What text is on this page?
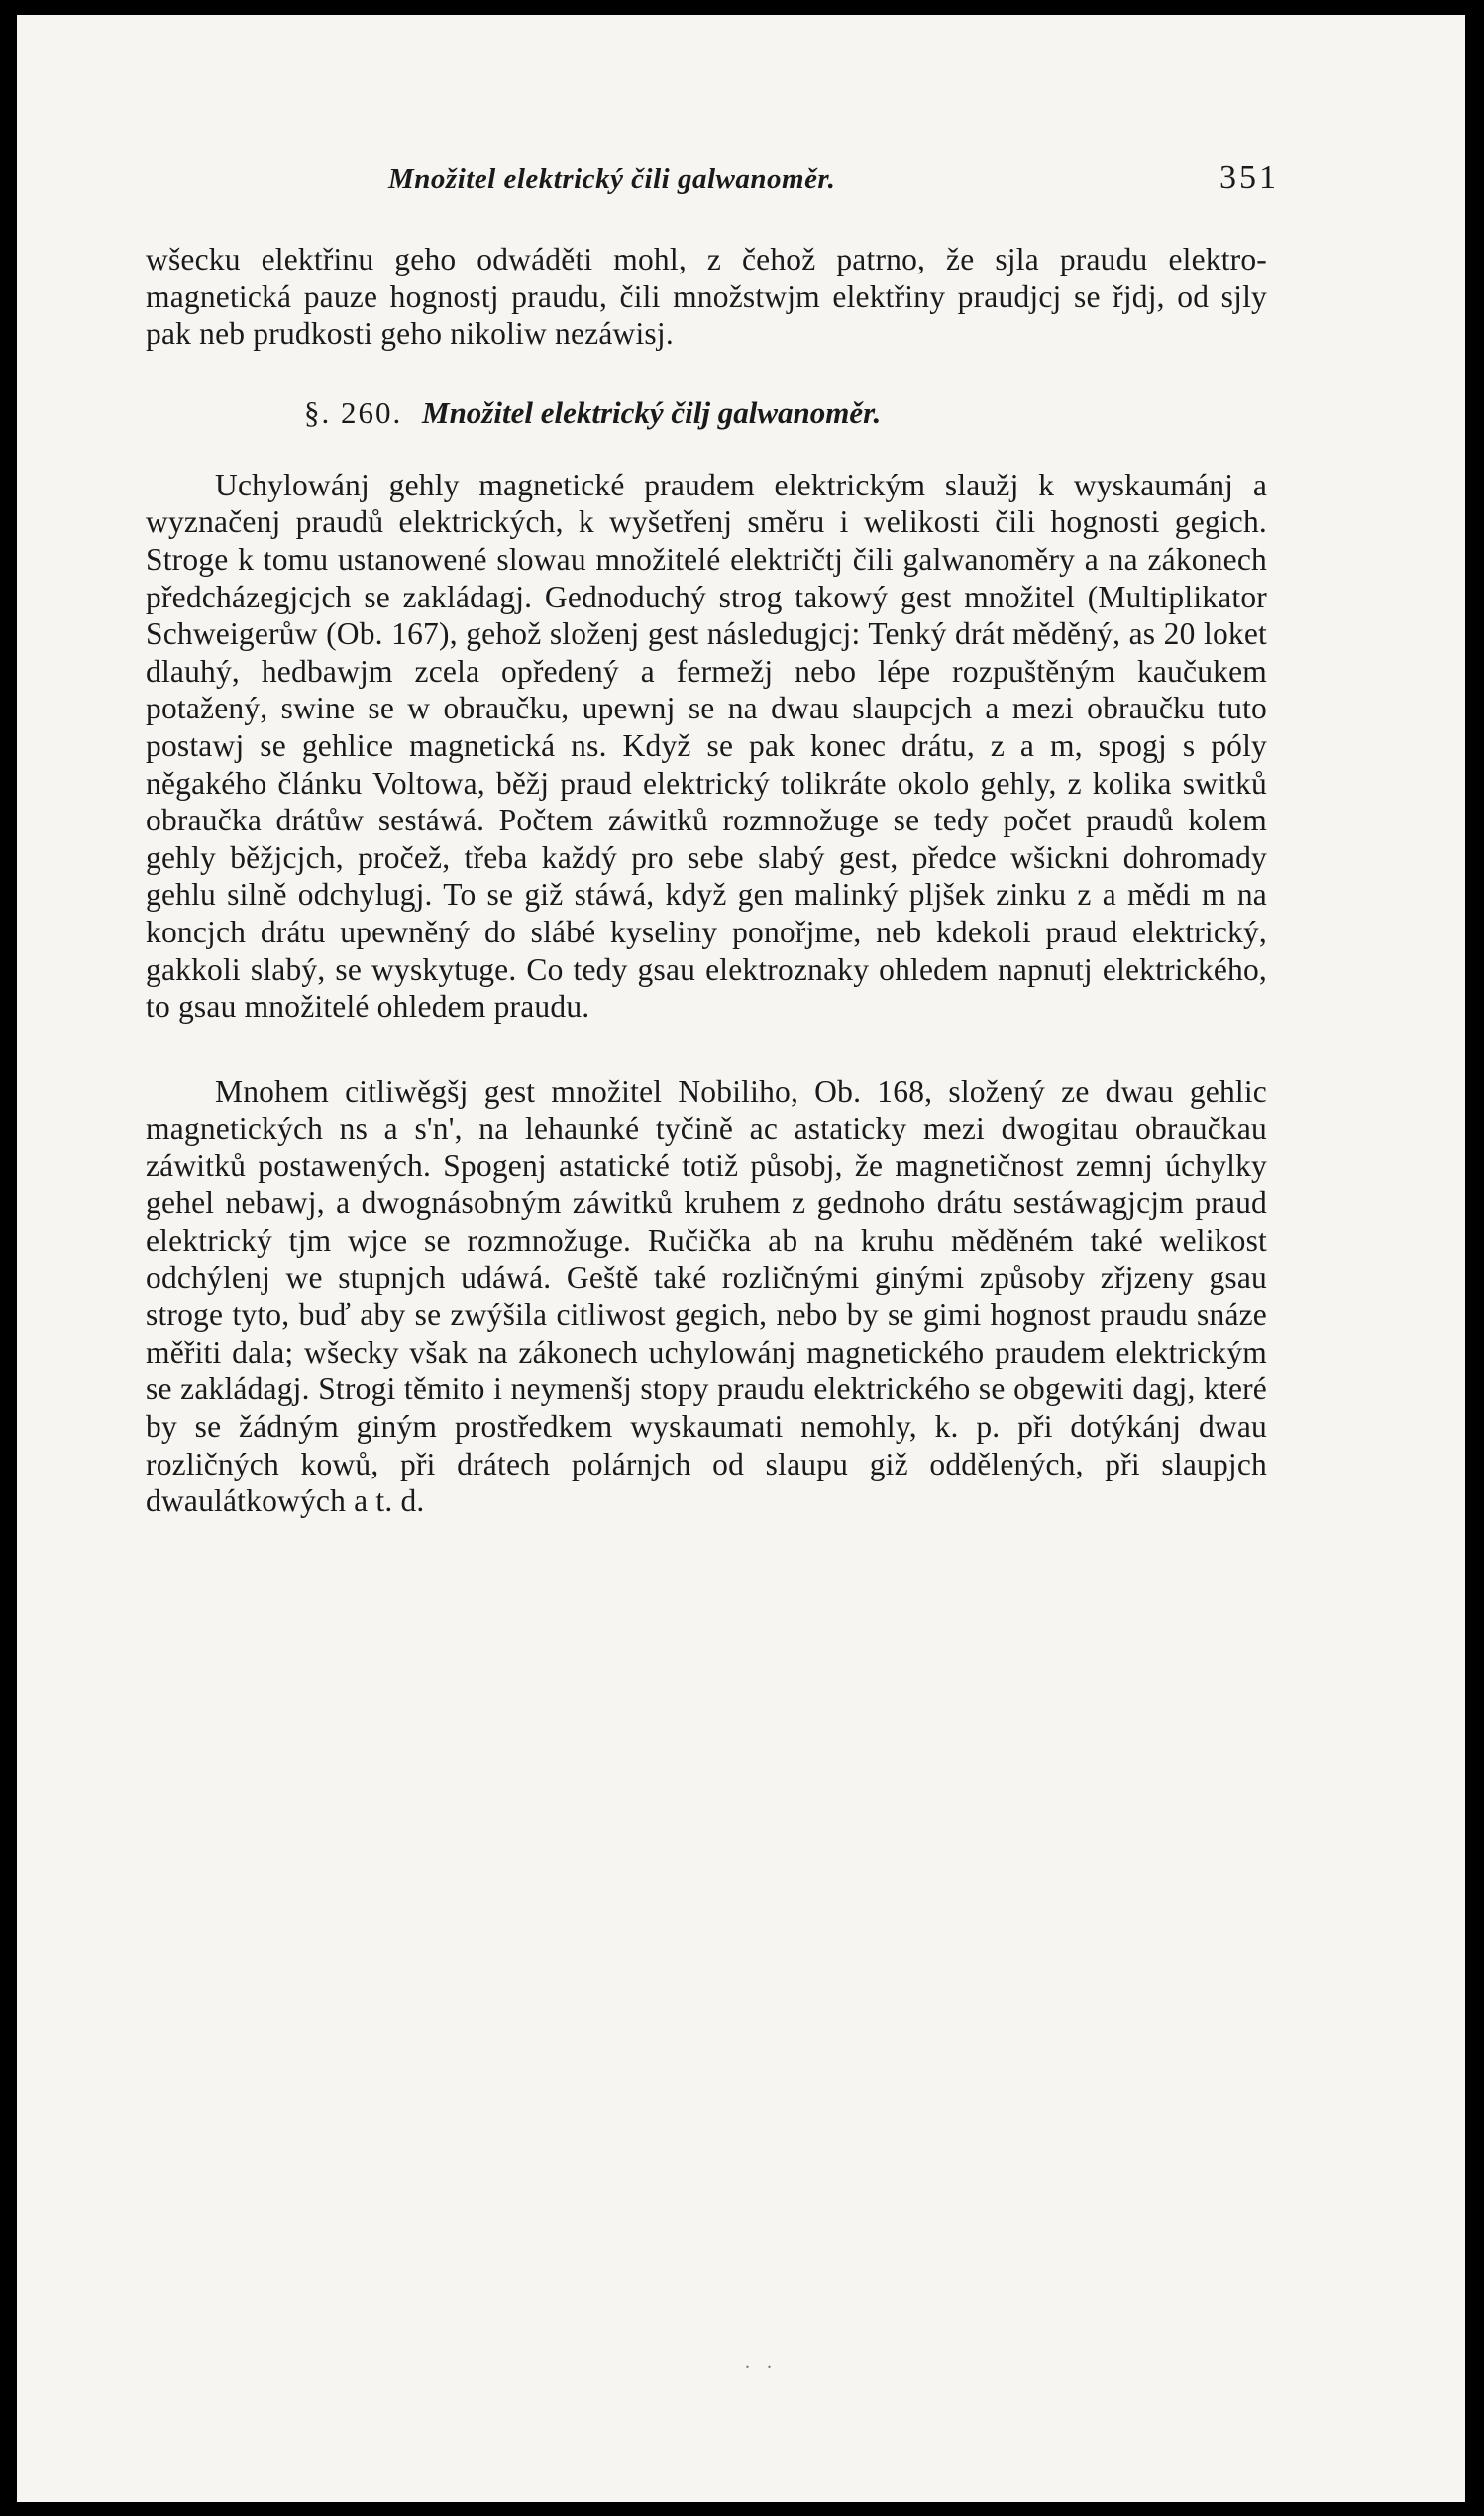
Množitel elektrický čili galwanoměr.	351

wšecku elektřinu geho odwáděti mohl, z čehož patrno, že sjla praudu elektro-magnetická pauze hognostj praudu, čili množstwjm elektřiny praudjcj se řjdj, od sjly pak neb prudkosti geho nikoliw nezáwisj.

§. 260. Množitel elektrický čilj galwanoměr.

Uchylowánj gehly magnetické praudem elektrickým slaužj k wyskaumánj a wyznačenj praudů elektrických, k wyšetřenj směru i welikosti čili hognosti gegich. Stroge k tomu ustanowené slowau množitelé električtj čili galwanoměry a na zákonech předcházegjcjch se zakládagj. Gednoduchý strog takowý gest množitel (Multiplikator Schweigerůw (Ob. 167), gehož složenj gest následugjcj: Tenký drát měděný, as 20 loket dlauhý, hedbawjm zcela opředený a fermežj nebo lépe rozpuštěným kaučukem potažený, swine se w obraučku, upewnj se na dwau slaupcjch a mezi obraučku tuto postawj se gehlice magnetická ns. Když se pak konec drátu, z a m, spogj s póly něgakého článku Voltowa, běžj praud elektrický tolikráte okolo gehly, z kolika switků obraučka drátůw sestáwá. Počtem záwitků rozmnožuge se tedy počet praudů kolem gehly běžjcjch, pročež, třeba každý pro sebe slabý gest, předce wšickni dohromady gehlu silně odchylugj. To se giž stáwá, když gen malinký pljšek zinku z a mědi m na koncjch drátu upewněný do slábé kyseliny ponořjme, neb kdekoli praud elektrický, gakkoli slabý, se wyskytuge. Co tedy gsau elektroznaky ohledem napnutj elektrického, to gsau množitelé ohledem praudu.

Mnohem citliwěgšj gest množitel Nobiliho, Ob. 168, složený ze dwau gehlic magnetických ns a s'n', na lehaunké tyčině ac astaticky mezi dwogitau obraučkau záwitků postawených. Spogenj astatické totiž působj, že magnetičnost zemnj úchylky gehel nebawj, a dwognásobným záwitků kruhem z gednoho drátu sestáwagjcjm praud elektrický tjm wjce se rozmnožuge. Ručička ab na kruhu měděném také welikost odchýlenj we stupnjch udáwá. Geště také rozličnými ginými způsoby zřjzeny gsau stroge tyto, buď aby se zwýšila citliwost gegich, nebo by se gimi hognost praudu snáze měřiti dala; wšecky však na zákonech uchylowánj magnetického praudem elektrickým se zakládagj. Strogi těmito i neymenšj stopy praudu elektrického se obgewiti dagj, které by se žádným giným prostředkem wyskaumati nemohly, k. p. při dotýkánj dwau rozličných kowů, při drátech polárnjch od slaupu giž oddělených, při slaupjch dwaulátkowých a t. d.

. .
